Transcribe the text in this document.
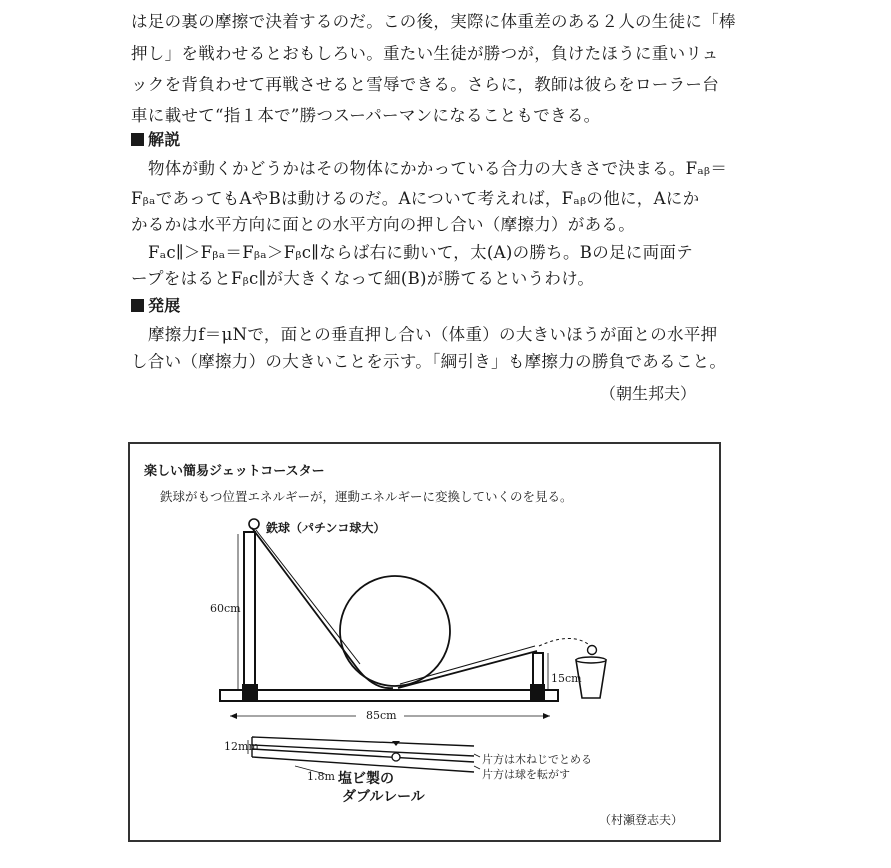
は足の裏の摩擦で決着するのだ。この後，実際に体重差のある２人の生徒に「棒
押し」を戦わせるとおもしろい。重たい生徒が勝つが，負けたほうに重いリュ
ックを背負わせて再戦させると雪辱できる。さらに，教師は彼らをローラー台
車に載せて“指１本で”勝つスーパーマンになることもできる。
解説
物体が動くかどうかはその物体にかかっている合力の大きさで決まる。Fₐᵦ＝
FᵦₐであってもAやBは動けるのだ。Aについて考えれば，Fₐᵦの他に，Aにか
かるかは水平方向に面との水平方向の押し合い（摩擦力）がある。
Fₐc∥＞Fᵦₐ＝Fᵦₐ＞Fᵦc∥ならば右に動いて，太(A)の勝ち。Bの足に両面テ
ープをはるとFᵦc∥が大きくなって細(B)が勝てるというわけ。
発展
摩擦力f＝μNで，面との垂直押し合い（体重）の大きいほうが面との水平押
し合い（摩擦力）の大きいことを示す。「綱引き」も摩擦力の勝負であること。
（朝生邦夫）
楽しい簡易ジェットコースター
鉄球がもつ位置エネルギーが，運動エネルギーに変換していくのを見る。
鉄球（パチンコ球大）
60cm
15cm
85cm
12mm
1.8m 塩ビ製の
ダブルレール
片方は木ねじでとめる
片方は球を転がす
（村瀬登志夫）
